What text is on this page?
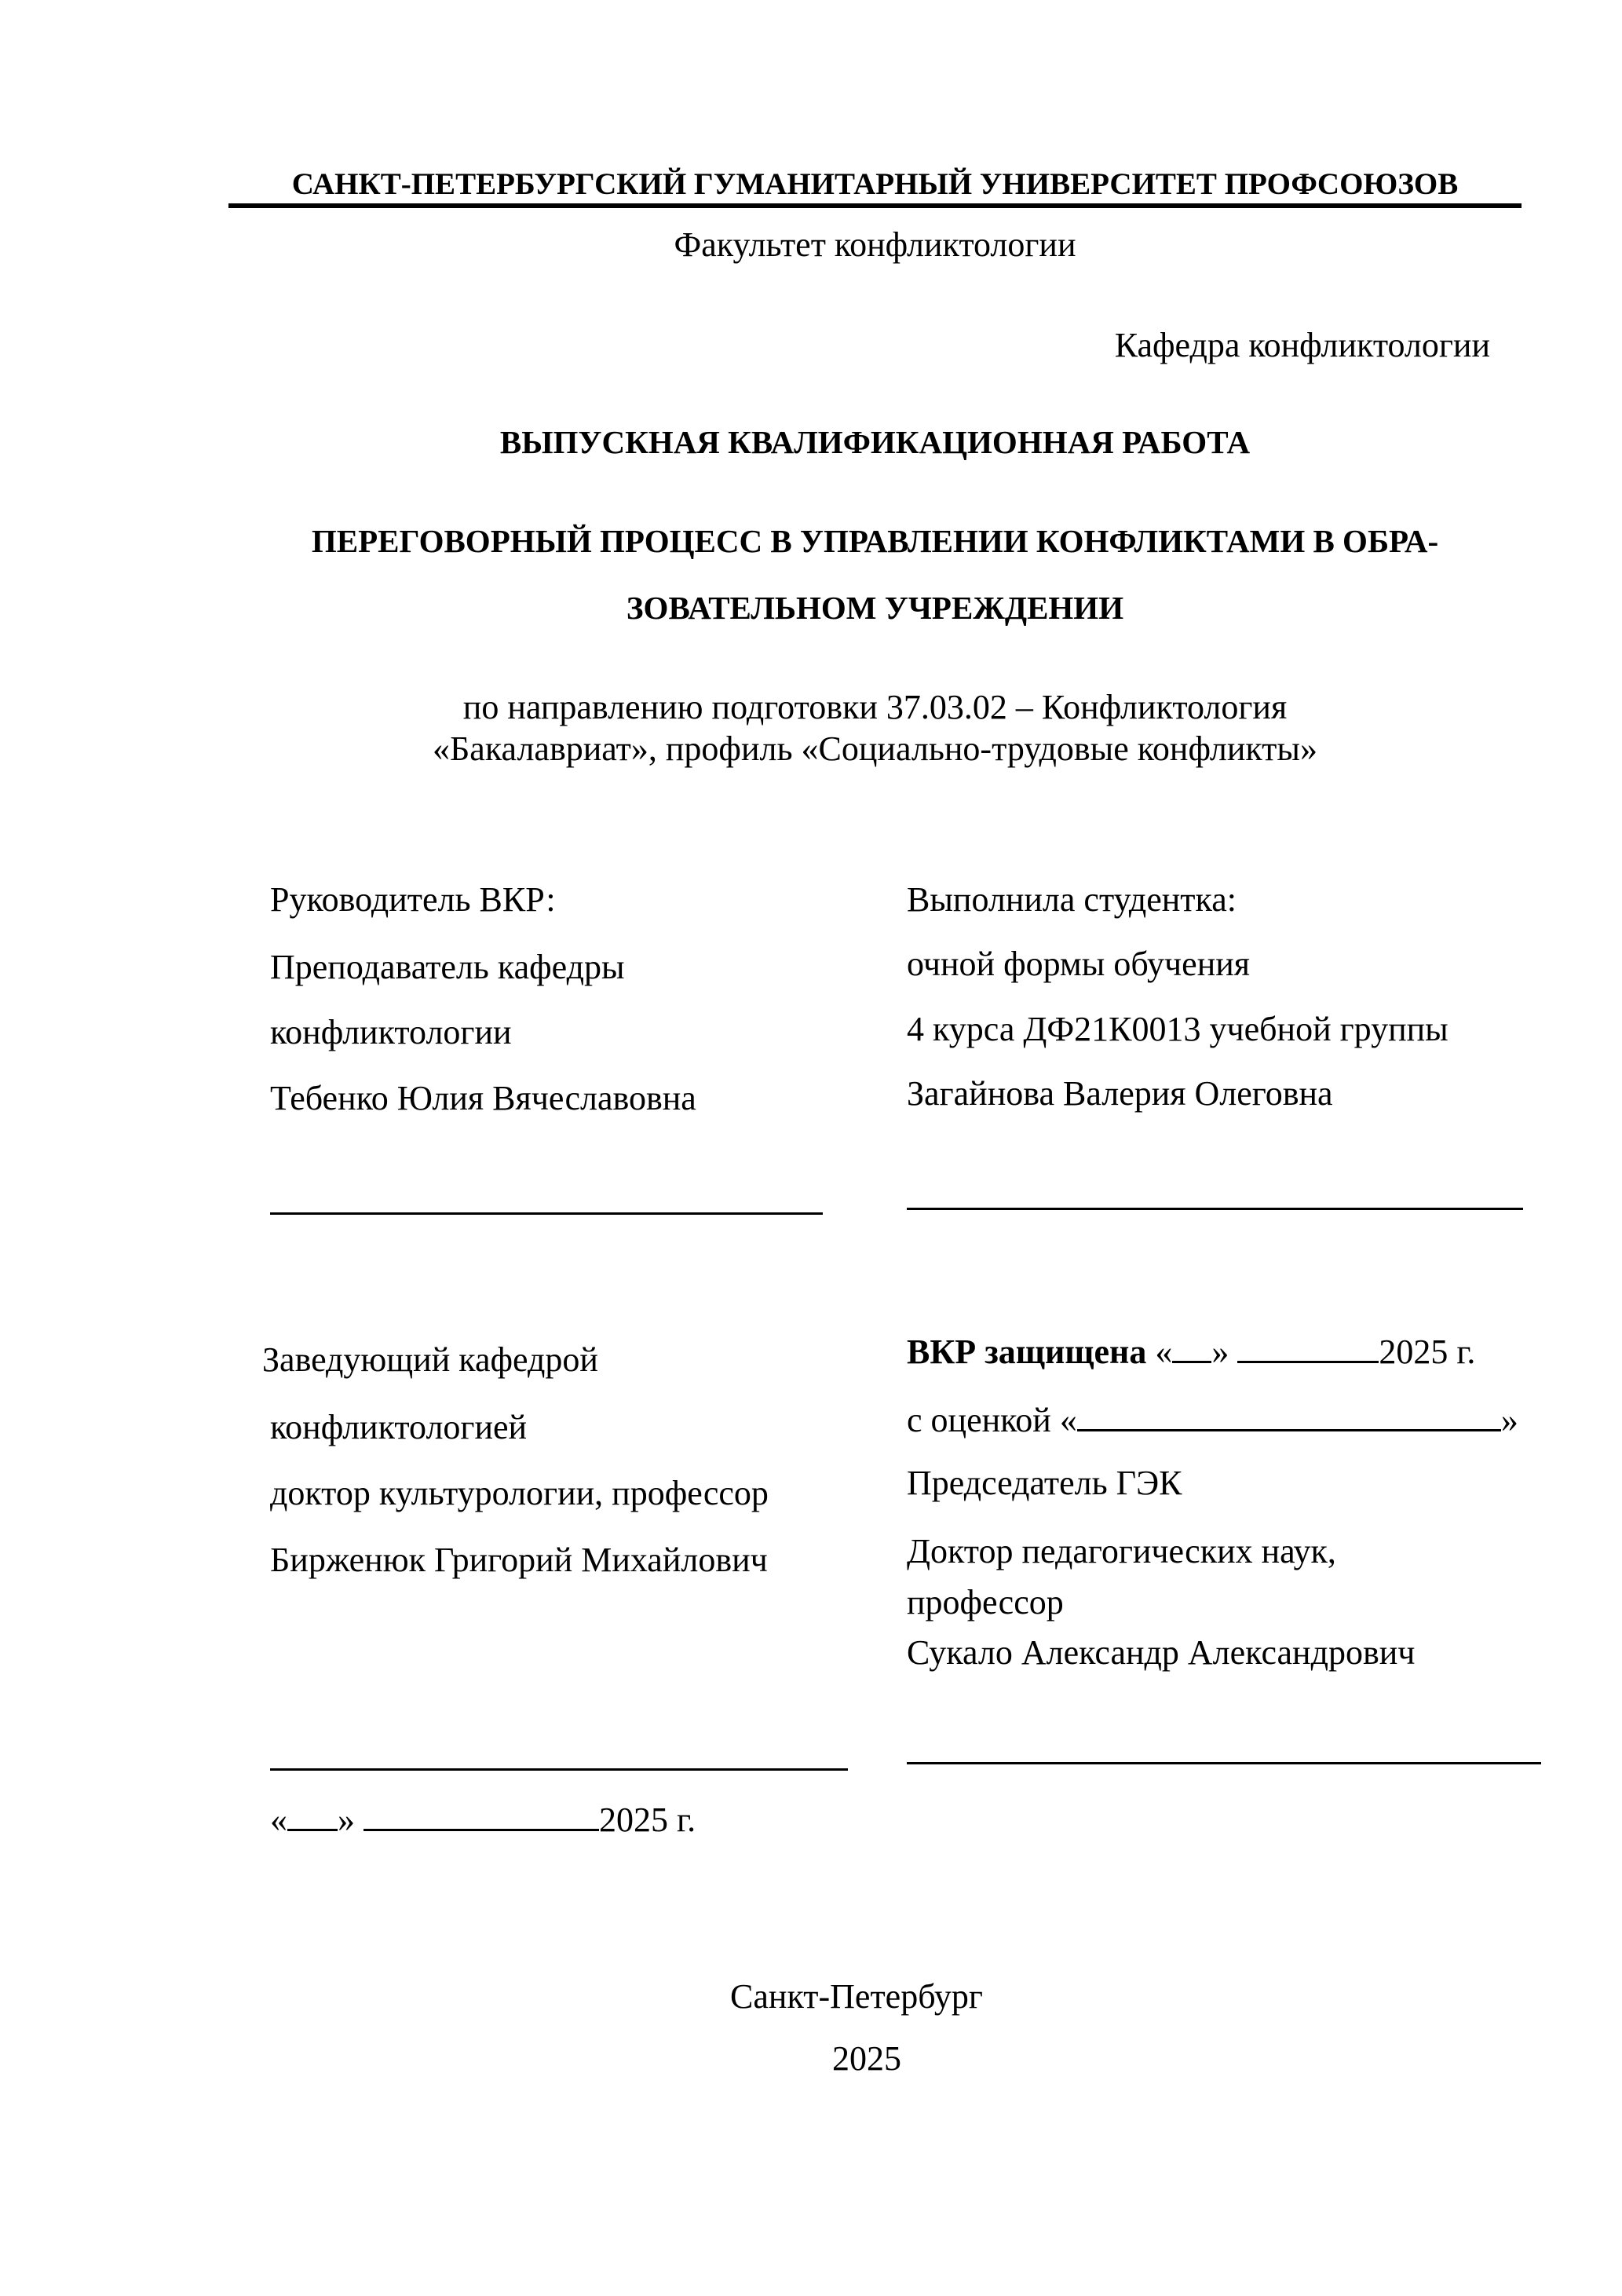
САНКТ-ПЕТЕРБУРГСКИЙ ГУМАНИТАРНЫЙ УНИВЕРСИТЕТ ПРОФСОЮЗОВ
Факультет конфликтологии
Кафедра конфликтологии
ВЫПУСКНАЯ КВАЛИФИКАЦИОННАЯ РАБОТА
ПЕРЕГОВОРНЫЙ ПРОЦЕСС В УПРАВЛЕНИИ КОНФЛИКТАМИ В ОБРА-
ЗОВАТЕЛЬНОМ УЧРЕЖДЕНИИ
по направлению подготовки 37.03.02 – Конфликтология
«Бакалавриат», профиль «Социально-трудовые конфликты»
Руководитель ВКР:
Преподаватель кафедры
конфликтологии
Тебенко Юлия Вячеславовна
Выполнила студентка:
очной формы обучения
4 курса ДФ21К0013 учебной группы
Загайнова Валерия Олеговна
Заведующий кафедрой
конфликтологией
доктор культурологии, профессор
Бирженюк Григорий Михайлович
« »	2025 г.
ВКР защищена « »	2025 г.
с оценкой «	»
Председатель ГЭК
Доктор педагогических наук,
профессор
Сукало Александр Александрович
Санкт-Петербург
2025
